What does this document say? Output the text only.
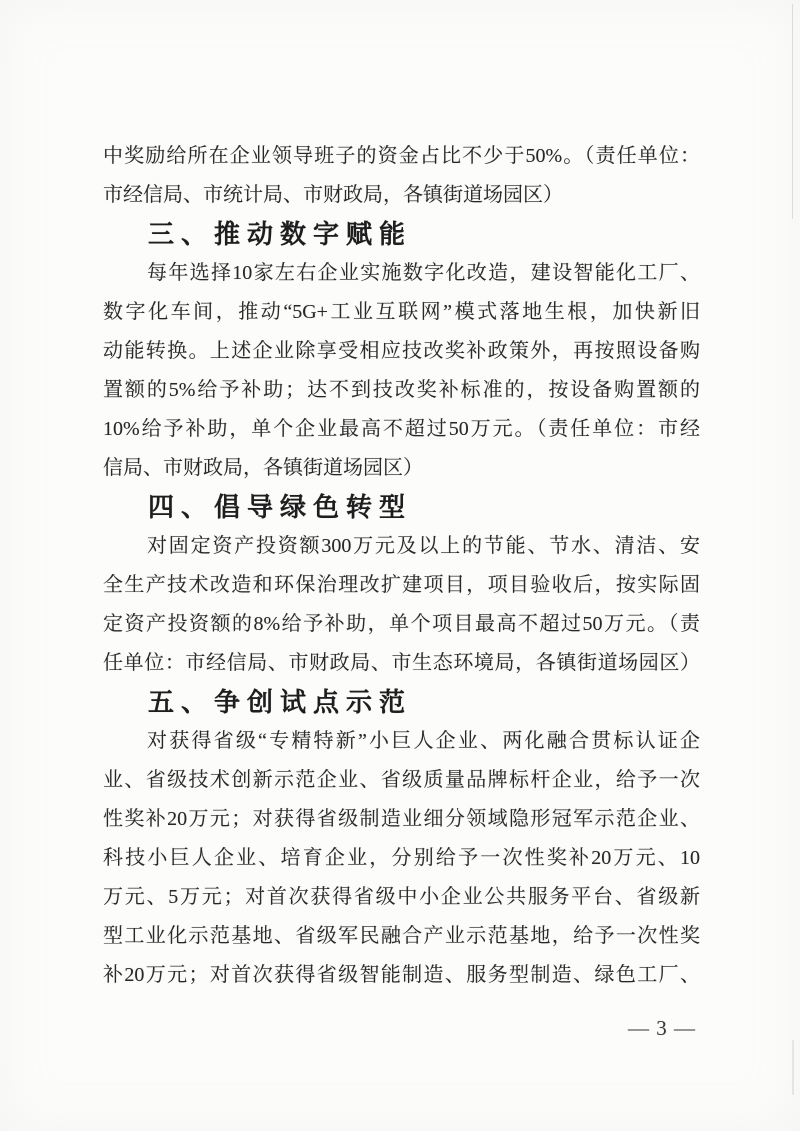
中奖励给所在企业领导班子的资金占比不少于50%。（责任单位：
市经信局、市统计局、市财政局，各镇街道场园区）
三、推动数字赋能
每年选择10家左右企业实施数字化改造，建设智能化工厂、
数字化车间，推动“5G+工业互联网”模式落地生根，加快新旧
动能转换。上述企业除享受相应技改奖补政策外，再按照设备购
置额的5%给予补助；达不到技改奖补标准的，按设备购置额的
10%给予补助，单个企业最高不超过50万元。（责任单位：市经
信局、市财政局，各镇街道场园区）
四、倡导绿色转型
对固定资产投资额300万元及以上的节能、节水、清洁、安
全生产技术改造和环保治理改扩建项目，项目验收后，按实际固
定资产投资额的8%给予补助，单个项目最高不超过50万元。（责
任单位：市经信局、市财政局、市生态环境局，各镇街道场园区）
五、争创试点示范
对获得省级“专精特新”小巨人企业、两化融合贯标认证企
业、省级技术创新示范企业、省级质量品牌标杆企业，给予一次
性奖补20万元；对获得省级制造业细分领域隐形冠军示范企业、
科技小巨人企业、培育企业，分别给予一次性奖补20万元、10
万元、5万元；对首次获得省级中小企业公共服务平台、省级新
型工业化示范基地、省级军民融合产业示范基地，给予一次性奖
补20万元；对首次获得省级智能制造、服务型制造、绿色工厂、
— 3 —
